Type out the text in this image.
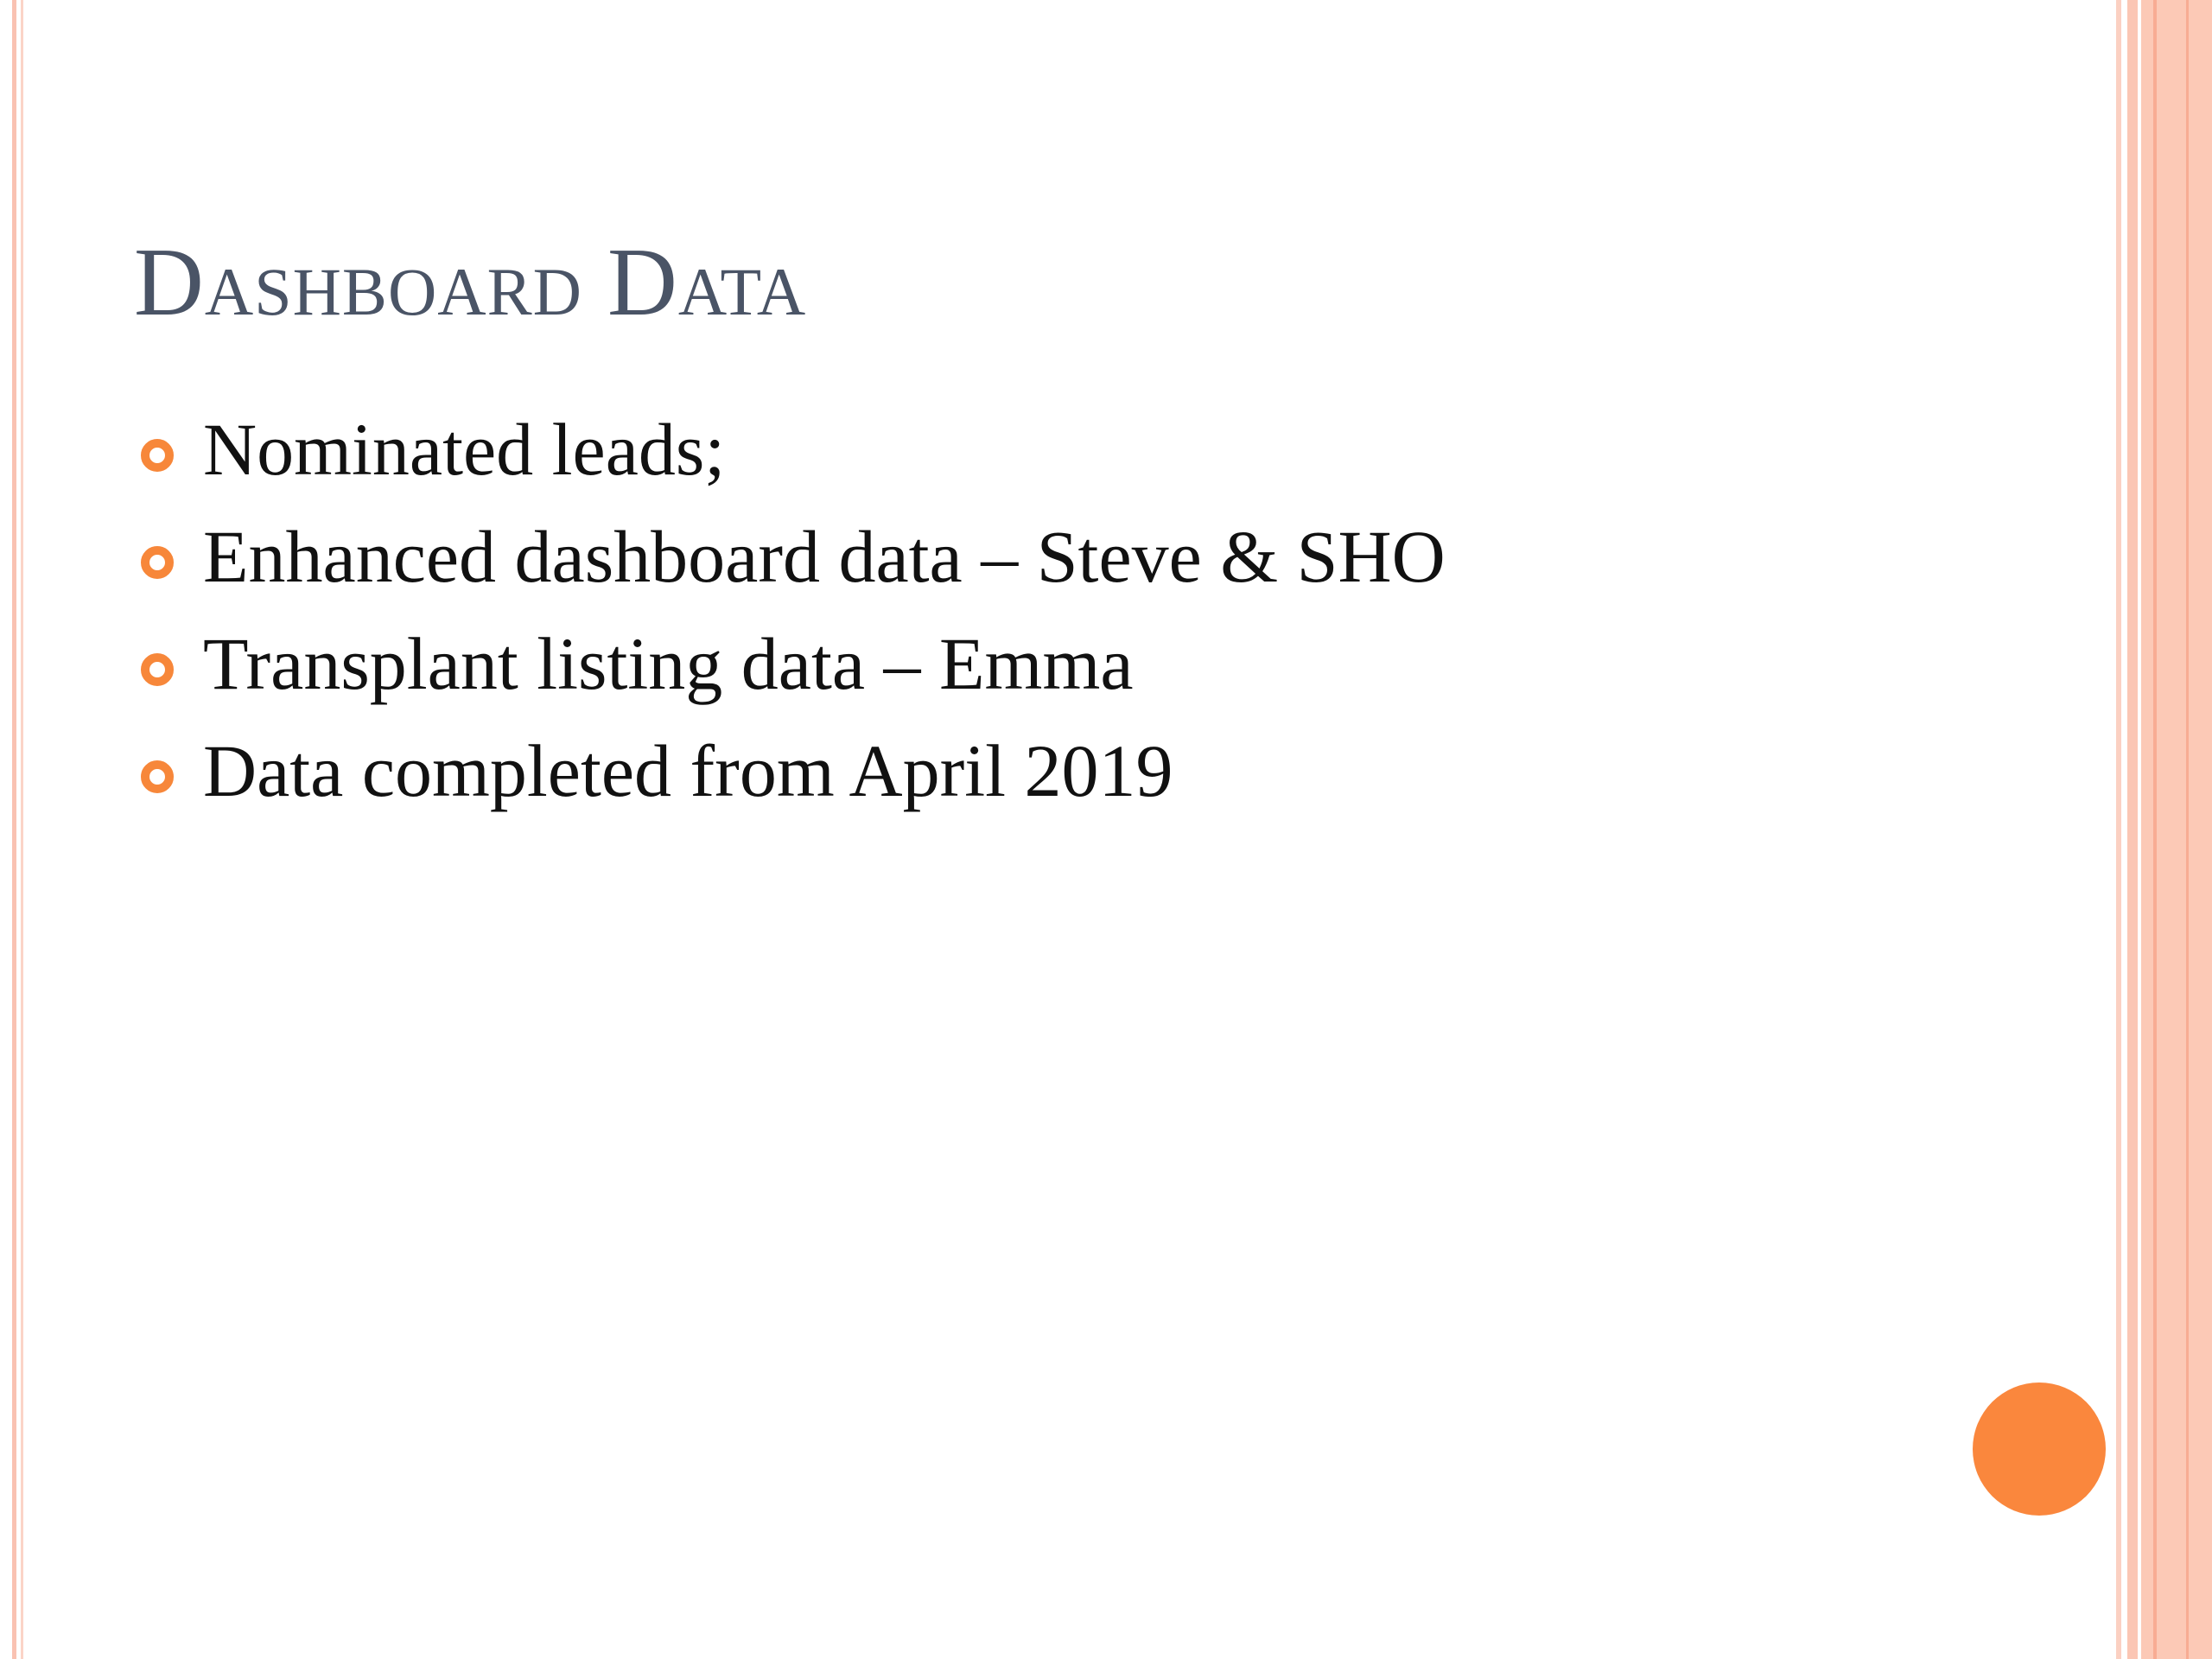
Dashboard Data
Nominated leads;
Enhanced dashboard data – Steve & SHO
Transplant listing data – Emma
Data completed from April 2019
